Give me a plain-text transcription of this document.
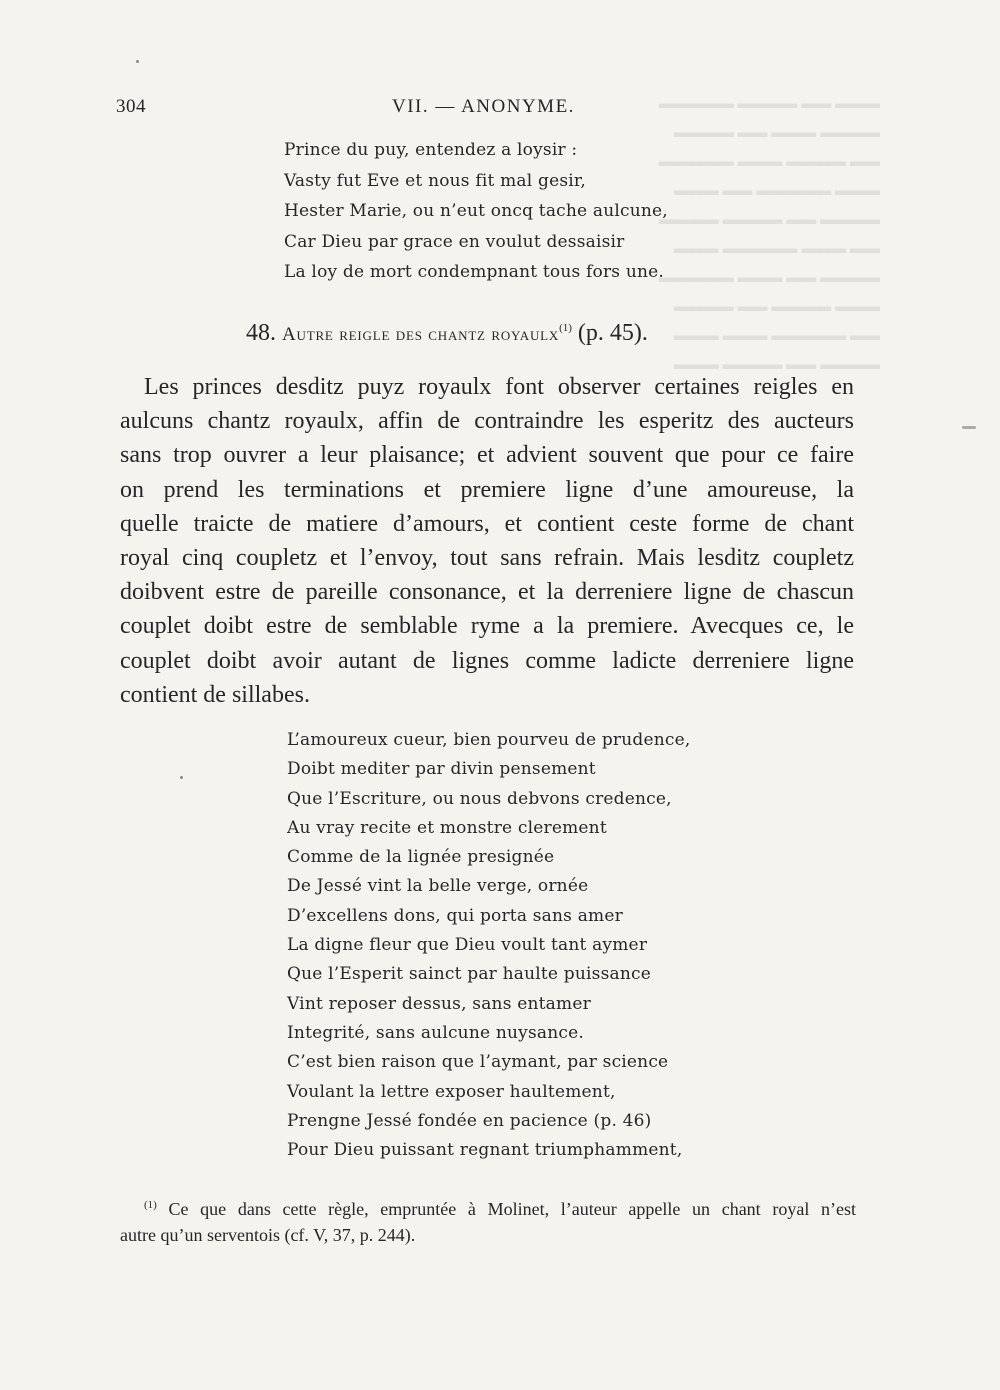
▬▬▬ ▬▬ ▬▬▬▬ ▬▬▬▬▬
▬▬▬▬ ▬▬▬ ▬▬ ▬▬▬▬
▬▬ ▬▬▬▬ ▬▬▬ ▬▬▬▬▬
▬▬▬ ▬▬▬▬▬ ▬▬ ▬▬▬
▬▬▬▬ ▬▬ ▬▬▬▬ ▬▬▬▬
▬▬ ▬▬▬ ▬▬▬▬▬ ▬▬▬
▬▬▬▬ ▬▬ ▬▬▬ ▬▬▬▬▬
▬▬▬ ▬▬▬▬ ▬▬ ▬▬▬▬
▬▬ ▬▬▬▬▬ ▬▬▬ ▬▬▬
▬▬▬▬ ▬▬ ▬▬▬▬ ▬▬▬
304	VII. — ANONYME.
Prince du puy, entendez a loysir :
Vasty fut Eve et nous fit mal gesir,
Hester Marie, ou n’eut oncq tache aulcune,
Car Dieu par grace en voulut dessaisir
La loy de mort condempnant tous fors une.
48. Autre reigle des chantz royaulx$^{(1)}$ (p. 45).
Les princes desditz puyz royaulx font observer certaines reigles en
aulcuns chantz royaulx, affin de contraindre les esperitz des aucteurs
sans trop ouvrer a leur plaisance; et advient souvent que pour ce faire
on prend les terminations et premiere ligne d’une amoureuse, la
quelle traicte de matiere d’amours, et contient ceste forme de chant
royal cinq coupletz et l’envoy, tout sans refrain. Mais lesditz coupletz
doibvent estre de pareille consonance, et la derreniere ligne de chascun
couplet doibt estre de semblable ryme a la premiere. Avecques ce, le
couplet doibt avoir autant de lignes comme ladicte derreniere ligne
contient de sillabes.
L’amoureux cueur, bien pourveu de prudence,
Doibt mediter par divin pensement
Que l’Escriture, ou nous debvons credence,
Au vray recite et monstre clerement
Comme de la lignée presignée
De Jessé vint la belle verge, ornée
D’excellens dons, qui porta sans amer
La digne fleur que Dieu voult tant aymer
Que l’Esperit sainct par haulte puissance
Vint reposer dessus, sans entamer
Integrité, sans aulcune nuysance.
C’est bien raison que l’aymant, par science
Voulant la lettre exposer haultement,
Prengne Jessé fondée en pacience (p. 46)
Pour Dieu puissant regnant triumphamment,
$^{(1)}$ Ce que dans cette règle, empruntée à Molinet, l’auteur appelle un chant royal n’est
autre qu’un serventois (cf. V, 37, p. 244).
